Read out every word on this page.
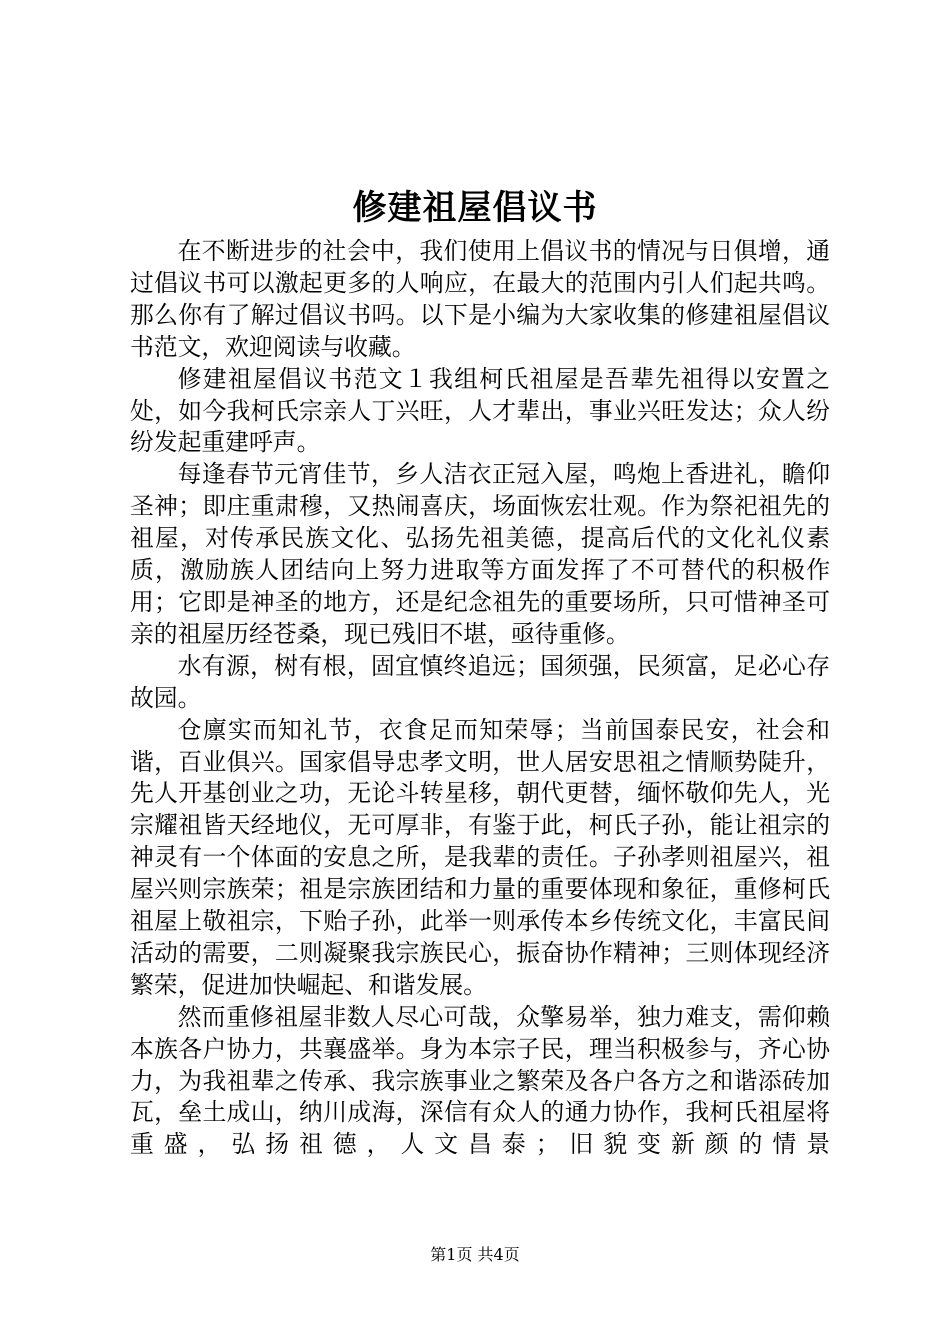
修建祖屋倡议书

在不断进步的社会中，我们使用上倡议书的情况与日俱增，通过倡议书可以激起更多的人响应，在最大的范围内引人们起共鸣。那么你有了解过倡议书吗。以下是小编为大家收集的修建祖屋倡议书范文，欢迎阅读与收藏。

修建祖屋倡议书范文１我组柯氏祖屋是吾辈先祖得以安置之处，如今我柯氏宗亲人丁兴旺，人才辈出，事业兴旺发达；众人纷纷发起重建呼声。

每逢春节元宵佳节，乡人洁衣正冠入屋，鸣炮上香进礼，瞻仰圣神；即庄重肃穆，又热闹喜庆，场面恢宏壮观。作为祭祀祖先的祖屋，对传承民族文化、弘扬先祖美德，提高后代的文化礼仪素质，激励族人团结向上努力进取等方面发挥了不可替代的积极作用；它即是神圣的地方，还是纪念祖先的重要场所，只可惜神圣可亲的祖屋历经苍桑，现已残旧不堪，亟待重修。

水有源，树有根，固宜慎终追远；国须强，民须富，足必心存故园。

仓廪实而知礼节，衣食足而知荣辱；当前国泰民安，社会和谐，百业俱兴。国家倡导忠孝文明，世人居安思祖之情顺势陡升，先人开基创业之功，无论斗转星移，朝代更替，缅怀敬仰先人，光宗耀祖皆天经地仪，无可厚非，有鉴于此，柯氏子孙，能让祖宗的神灵有一个体面的安息之所，是我辈的责任。子孙孝则祖屋兴，祖屋兴则宗族荣；祖是宗族团结和力量的重要体现和象征，重修柯氏祖屋上敬祖宗，下贻子孙，此举一则承传本乡传统文化，丰富民间活动的需要，二则凝聚我宗族民心，振奋协作精神；三则体现经济繁荣，促进加快崛起、和谐发展。

然而重修祖屋非数人尽心可哉，众擎易举，独力难支，需仰赖本族各户协力，共襄盛举。身为本宗子民，理当积极参与，齐心协力，为我祖辈之传承、我宗族事业之繁荣及各户各方之和谐添砖加瓦，垒土成山，纳川成海，深信有众人的通力协作，我柯氏祖屋将重盛，弘扬祖德，人文昌泰；旧貌变新颜的情景

第1页 共4页
